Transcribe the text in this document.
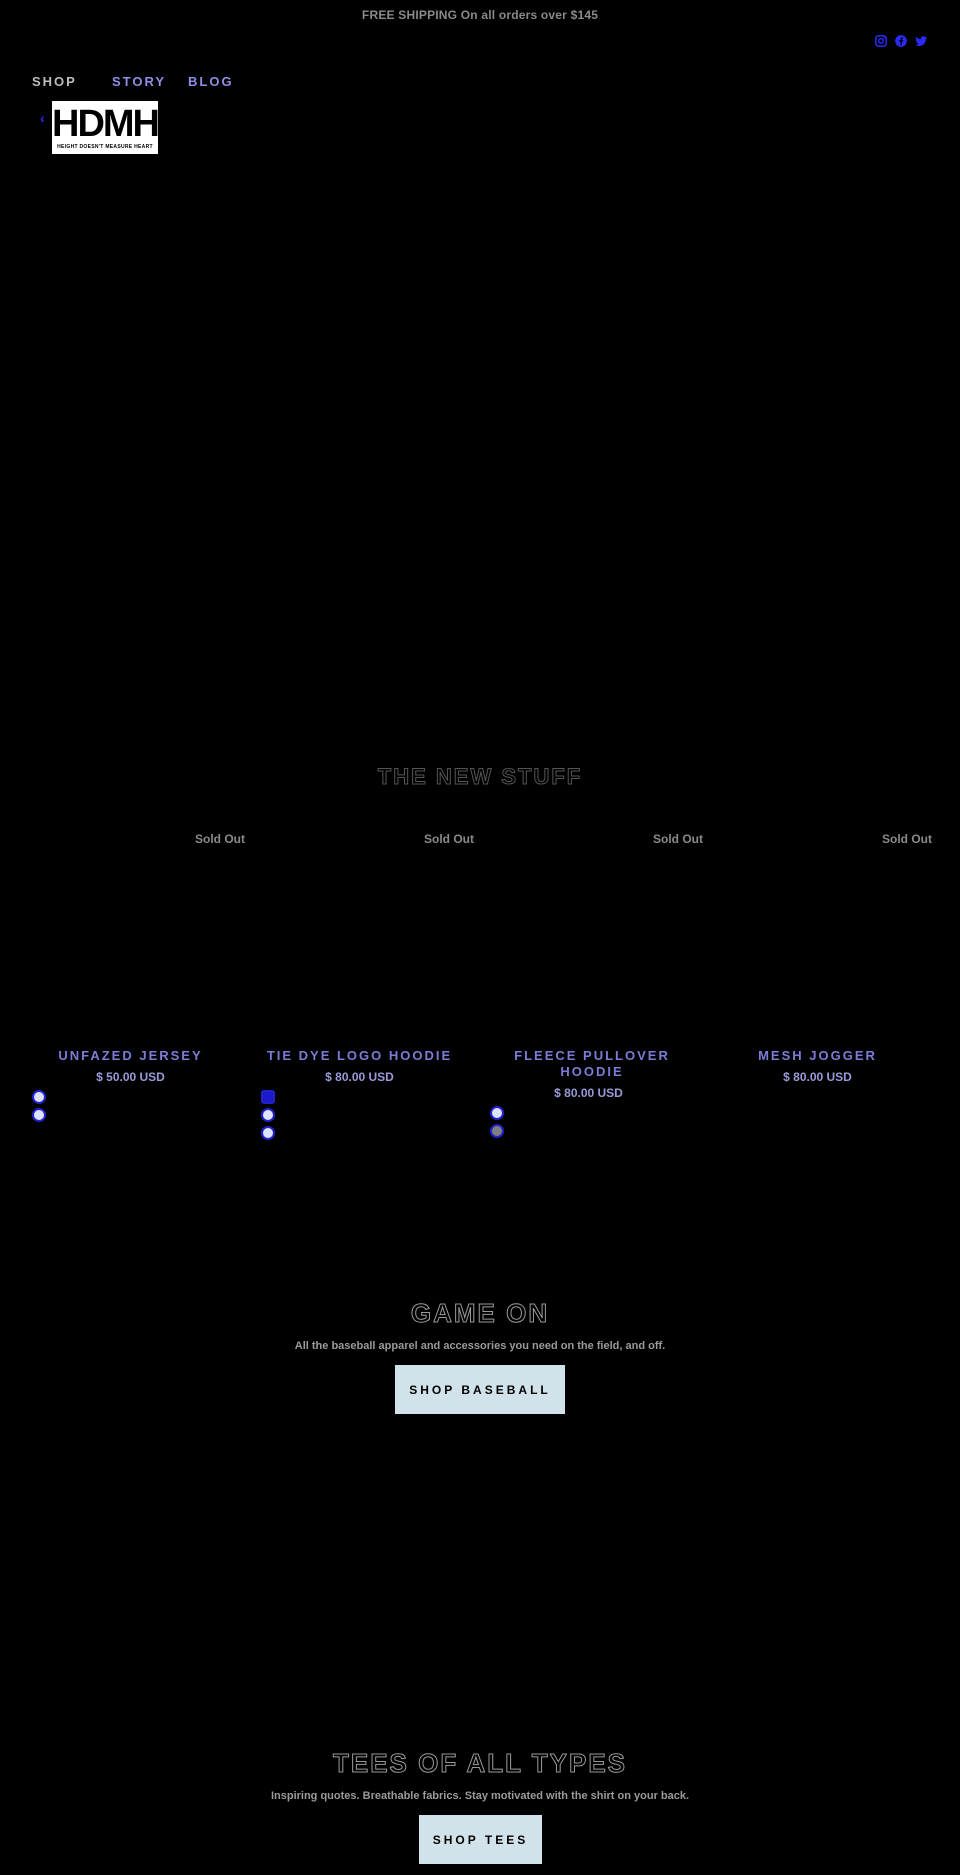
FREE SHIPPING On all orders over $145
SHOP	STORY	BLOG
‹ HDMH
HEIGHT DOESN'T MEASURE HEART
THE NEW STUFF
Sold Out
UNFAZED JERSEY
$ 50.00 USD
Sold Out
TIE DYE LOGO HOODIE
$ 80.00 USD
Sold Out
FLEECE PULLOVER HOODIE
$ 80.00 USD
Sold Out
MESH JOGGER
$ 80.00 USD
GAME ON

All the baseball apparel and accessories you need on the field, and off.

SHOP BASEBALL
TEES OF ALL TYPES

Inspiring quotes. Breathable fabrics. Stay motivated with the shirt on your back.

SHOP TEES
